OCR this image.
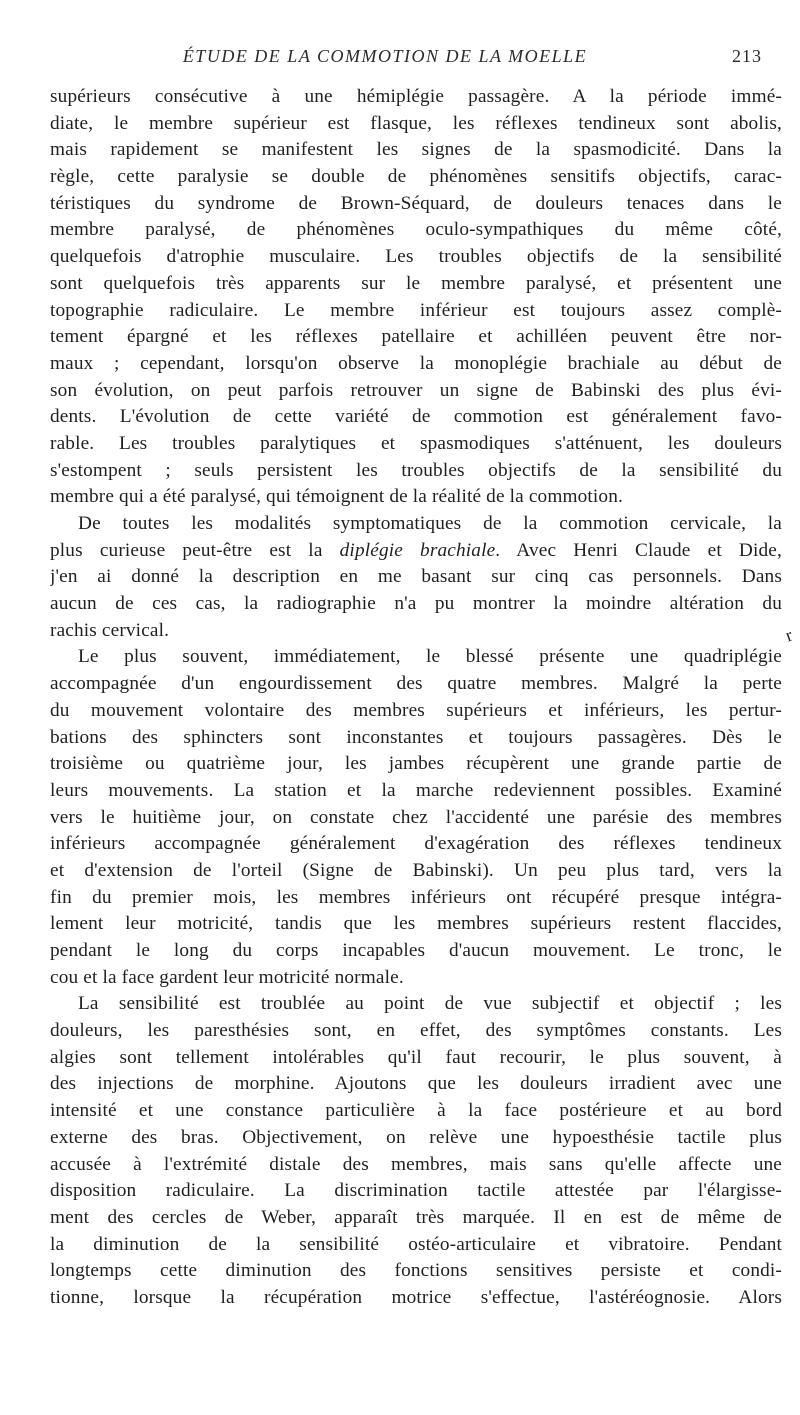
ÉTUDE DE LA COMMOTION DE LA MOELLE	213
supérieurs consécutive à une hémiplégie passagère. A la période immé-
diate, le membre supérieur est flasque, les réflexes tendineux sont abolis,
mais rapidement se manifestent les signes de la spasmodicité. Dans la
règle, cette paralysie se double de phénomènes sensitifs objectifs, carac-
téristiques du syndrome de Brown-Séquard, de douleurs tenaces dans le
membre paralysé, de phénomènes oculo-sympathiques du même côté,
quelquefois d'atrophie musculaire. Les troubles objectifs de la sensibilité
sont quelquefois très apparents sur le membre paralysé, et présentent une
topographie radiculaire. Le membre inférieur est toujours assez complè-
tement épargné et les réflexes patellaire et achilléen peuvent être nor-
maux ; cependant, lorsqu'on observe la monoplégie brachiale au début de
son évolution, on peut parfois retrouver un signe de Babinski des plus évi-
dents. L'évolution de cette variété de commotion est généralement favo-
rable. Les troubles paralytiques et spasmodiques s'atténuent, les douleurs
s'estompent ; seuls persistent les troubles objectifs de la sensibilité du
membre qui a été paralysé, qui témoignent de la réalité de la commotion.
De toutes les modalités symptomatiques de la commotion cervicale, la
plus curieuse peut-être est la diplégie brachiale. Avec Henri Claude et Dide,
j'en ai donné la description en me basant sur cinq cas personnels. Dans
aucun de ces cas, la radiographie n'a pu montrer la moindre altération du
rachis cervical.
Le plus souvent, immédiatement, le blessé présente une quadriplégie
accompagnée d'un engourdissement des quatre membres. Malgré la perte
du mouvement volontaire des membres supérieurs et inférieurs, les pertur-
bations des sphincters sont inconstantes et toujours passagères. Dès le
troisième ou quatrième jour, les jambes récupèrent une grande partie de
leurs mouvements. La station et la marche redeviennent possibles. Examiné
vers le huitième jour, on constate chez l'accidenté une parésie des membres
inférieurs accompagnée généralement d'exagération des réflexes tendineux
et d'extension de l'orteil (Signe de Babinski). Un peu plus tard, vers la
fin du premier mois, les membres inférieurs ont récupéré presque intégra-
lement leur motricité, tandis que les membres supérieurs restent flaccides,
pendant le long du corps incapables d'aucun mouvement. Le tronc, le
cou et la face gardent leur motricité normale.
La sensibilité est troublée au point de vue subjectif et objectif ; les
douleurs, les paresthésies sont, en effet, des symptômes constants. Les
algies sont tellement intolérables qu'il faut recourir, le plus souvent, à
des injections de morphine. Ajoutons que les douleurs irradient avec une
intensité et une constance particulière à la face postérieure et au bord
externe des bras. Objectivement, on relève une hypoesthésie tactile plus
accusée à l'extrémité distale des membres, mais sans qu'elle affecte une
disposition radiculaire. La discrimination tactile attestée par l'élargisse-
ment des cercles de Weber, apparaît très marquée. Il en est de même de
la diminution de la sensibilité ostéo-articulaire et vibratoire. Pendant
longtemps cette diminution des fonctions sensitives persiste et condi-
tionne, lorsque la récupération motrice s'effectue, l'astéréognosie. Alors
r
